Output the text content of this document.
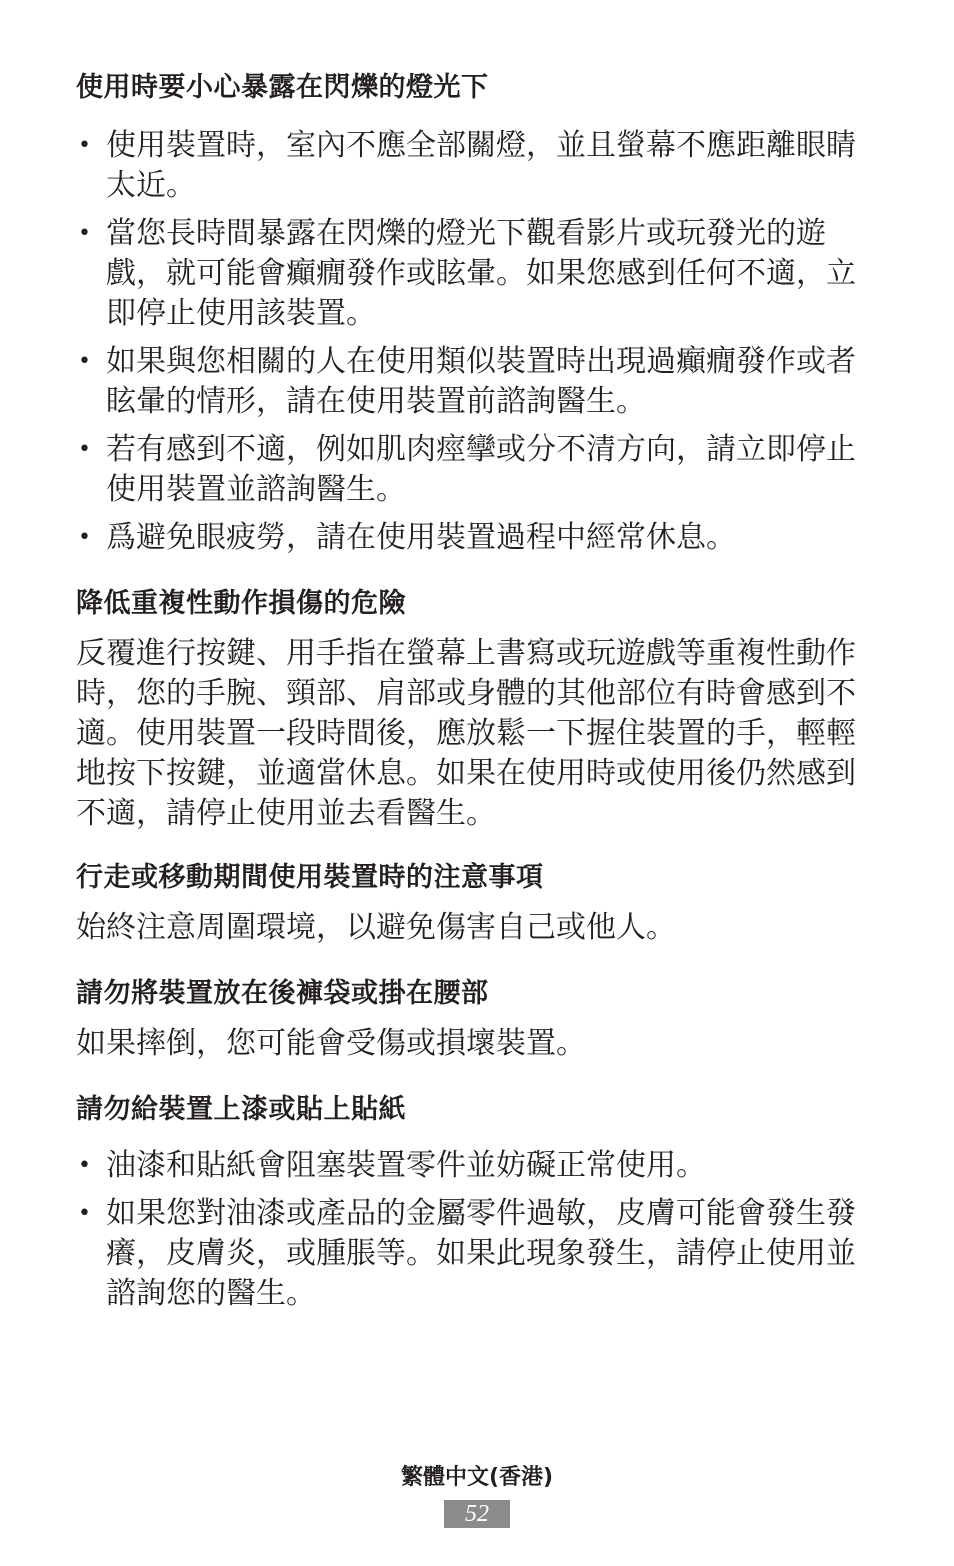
使用時要小心暴露在閃爍的燈光下
• 使用裝置時，室內不應全部關燈，並且螢幕不應距離眼睛太近。
• 當您長時間暴露在閃爍的燈光下觀看影片或玩發光的遊戲，就可能會癲癇發作或眩暈。如果您感到任何不適，立即停止使用該裝置。
• 如果與您相關的人在使用類似裝置時出現過癲癇發作或者眩暈的情形，請在使用裝置前諮詢醫生。
• 若有感到不適，例如肌肉痙攣或分不清方向，請立即停止使用裝置並諮詢醫生。
• 爲避免眼疲勞，請在使用裝置過程中經常休息。
降低重複性動作損傷的危險

反覆進行按鍵、用手指在螢幕上書寫或玩遊戲等重複性動作時，您的手腕、頸部、肩部或身體的其他部位有時會感到不適。使用裝置一段時間後，應放鬆一下握住裝置的手，輕輕地按下按鍵，並適當休息。如果在使用時或使用後仍然感到不適，請停止使用並去看醫生。

行走或移動期間使用裝置時的注意事項

始終注意周圍環境，以避免傷害自己或他人。

請勿將裝置放在後褲袋或掛在腰部

如果摔倒，您可能會受傷或損壞裝置。

請勿給裝置上漆或貼上貼紙
• 油漆和貼紙會阻塞裝置零件並妨礙正常使用。
• 如果您對油漆或產品的金屬零件過敏，皮膚可能會發生發癢，皮膚炎，或腫脹等。如果此現象發生，請停止使用並諮詢您的醫生。
繁體中文(香港)
52
